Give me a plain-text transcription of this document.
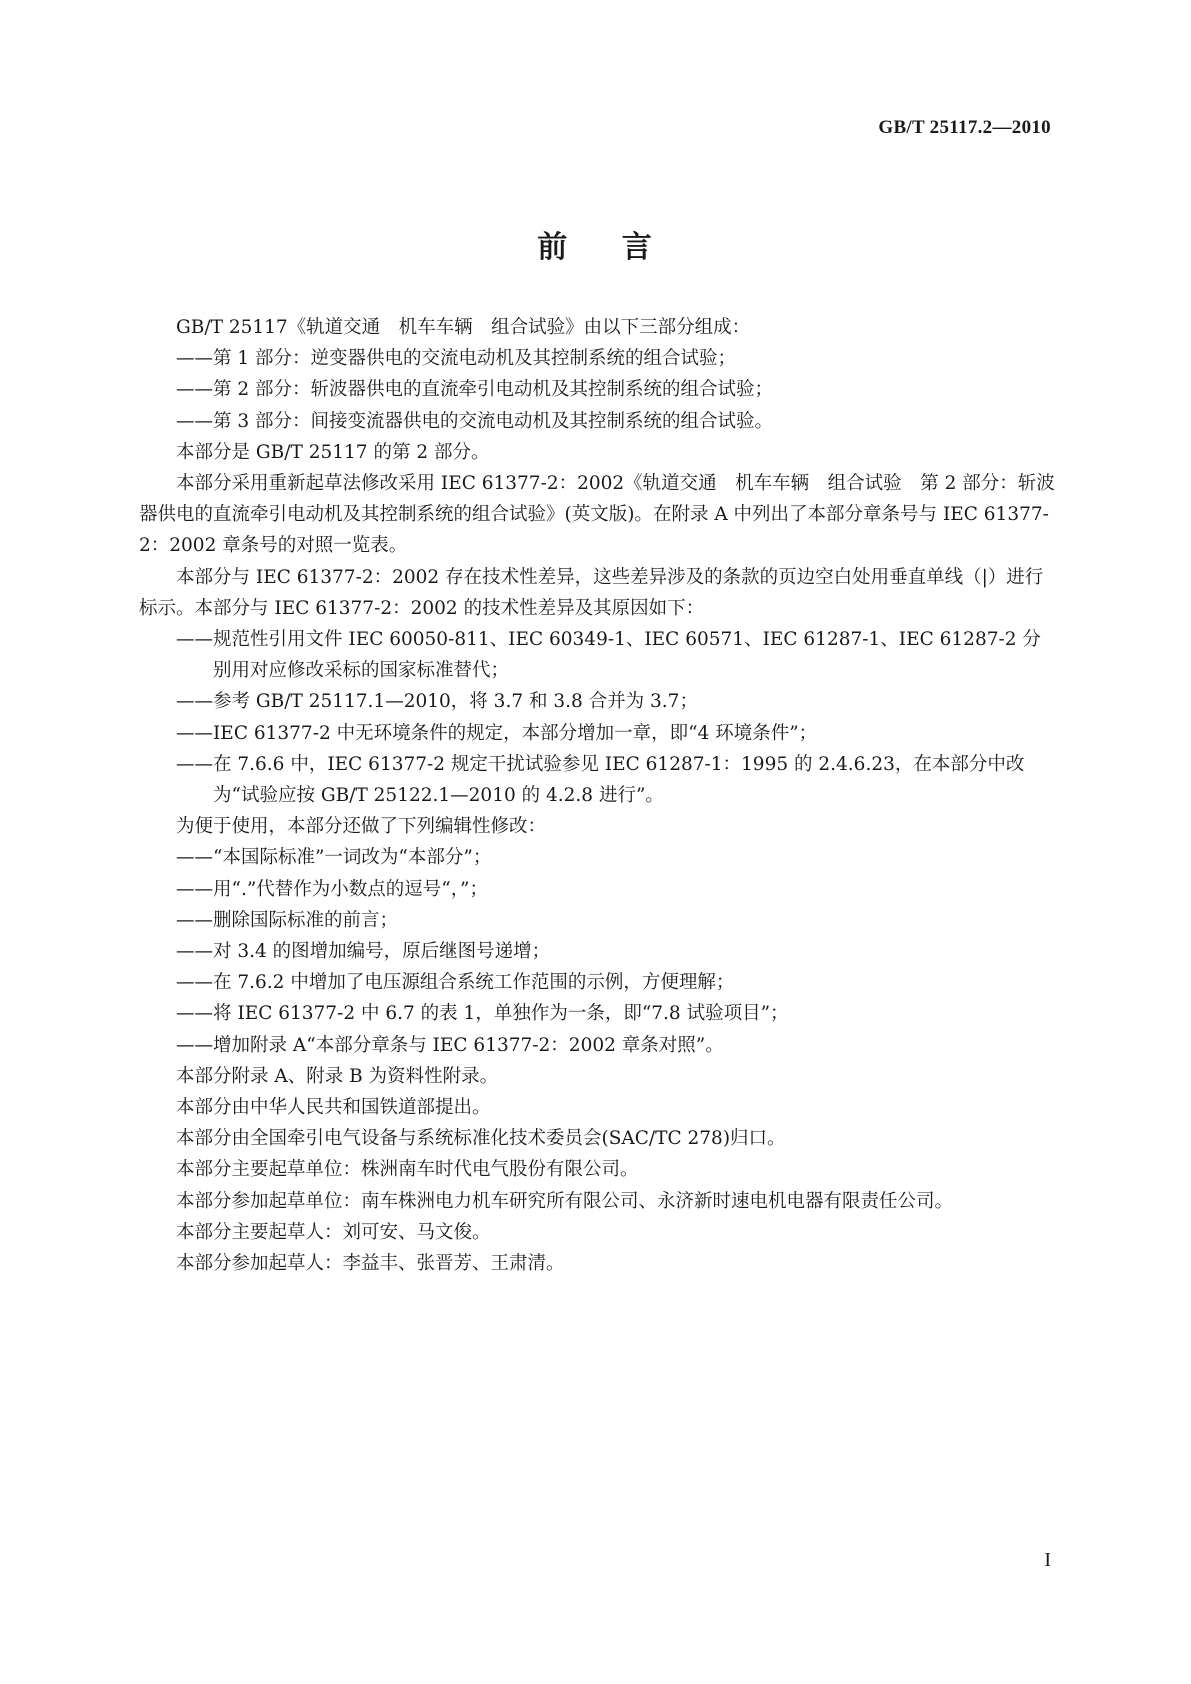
GB/T 25117.2—2010
前 言

GB/T 25117《轨道交通　机车车辆　组合试验》由以下三部分组成：

——第 1 部分：逆变器供电的交流电动机及其控制系统的组合试验；

——第 2 部分：斩波器供电的直流牵引电动机及其控制系统的组合试验；

——第 3 部分：间接变流器供电的交流电动机及其控制系统的组合试验。

本部分是 GB/T 25117 的第 2 部分。

本部分采用重新起草法修改采用 IEC 61377-2：2002《轨道交通　机车车辆　组合试验　第 2 部分：斩波器供电的直流牵引电动机及其控制系统的组合试验》(英文版)。在附录 A 中列出了本部分章条号与 IEC 61377-2：2002 章条号的对照一览表。

本部分与 IEC 61377-2：2002 存在技术性差异，这些差异涉及的条款的页边空白处用垂直单线（|）进行标示。本部分与 IEC 61377-2：2002 的技术性差异及其原因如下：

——规范性引用文件 IEC 60050-811、IEC 60349-1、IEC 60571、IEC 61287-1、IEC 61287-2 分别用对应修改采标的国家标准替代；

——参考 GB/T 25117.1—2010，将 3.7 和 3.8 合并为 3.7；

——IEC 61377-2 中无环境条件的规定，本部分增加一章，即“4 环境条件”；

——在 7.6.6 中，IEC 61377-2 规定干扰试验参见 IEC 61287-1：1995 的 2.4.6.23，在本部分中改为“试验应按 GB/T 25122.1—2010 的 4.2.8 进行”。

为便于使用，本部分还做了下列编辑性修改：

——“本国际标准”一词改为“本部分”；

——用“.”代替作为小数点的逗号“，”；

——删除国际标准的前言；

——对 3.4 的图增加编号，原后继图号递增；

——在 7.6.2 中增加了电压源组合系统工作范围的示例，方便理解；

——将 IEC 61377-2 中 6.7 的表 1，单独作为一条，即“7.8 试验项目”；

——增加附录 A“本部分章条与 IEC 61377-2：2002 章条对照”。

本部分附录 A、附录 B 为资料性附录。

本部分由中华人民共和国铁道部提出。

本部分由全国牵引电气设备与系统标准化技术委员会(SAC/TC 278)归口。

本部分主要起草单位：株洲南车时代电气股份有限公司。

本部分参加起草单位：南车株洲电力机车研究所有限公司、永济新时速电机电器有限责任公司。

本部分主要起草人：刘可安、马文俊。

本部分参加起草人：李益丰、张晋芳、王肃清。

I
